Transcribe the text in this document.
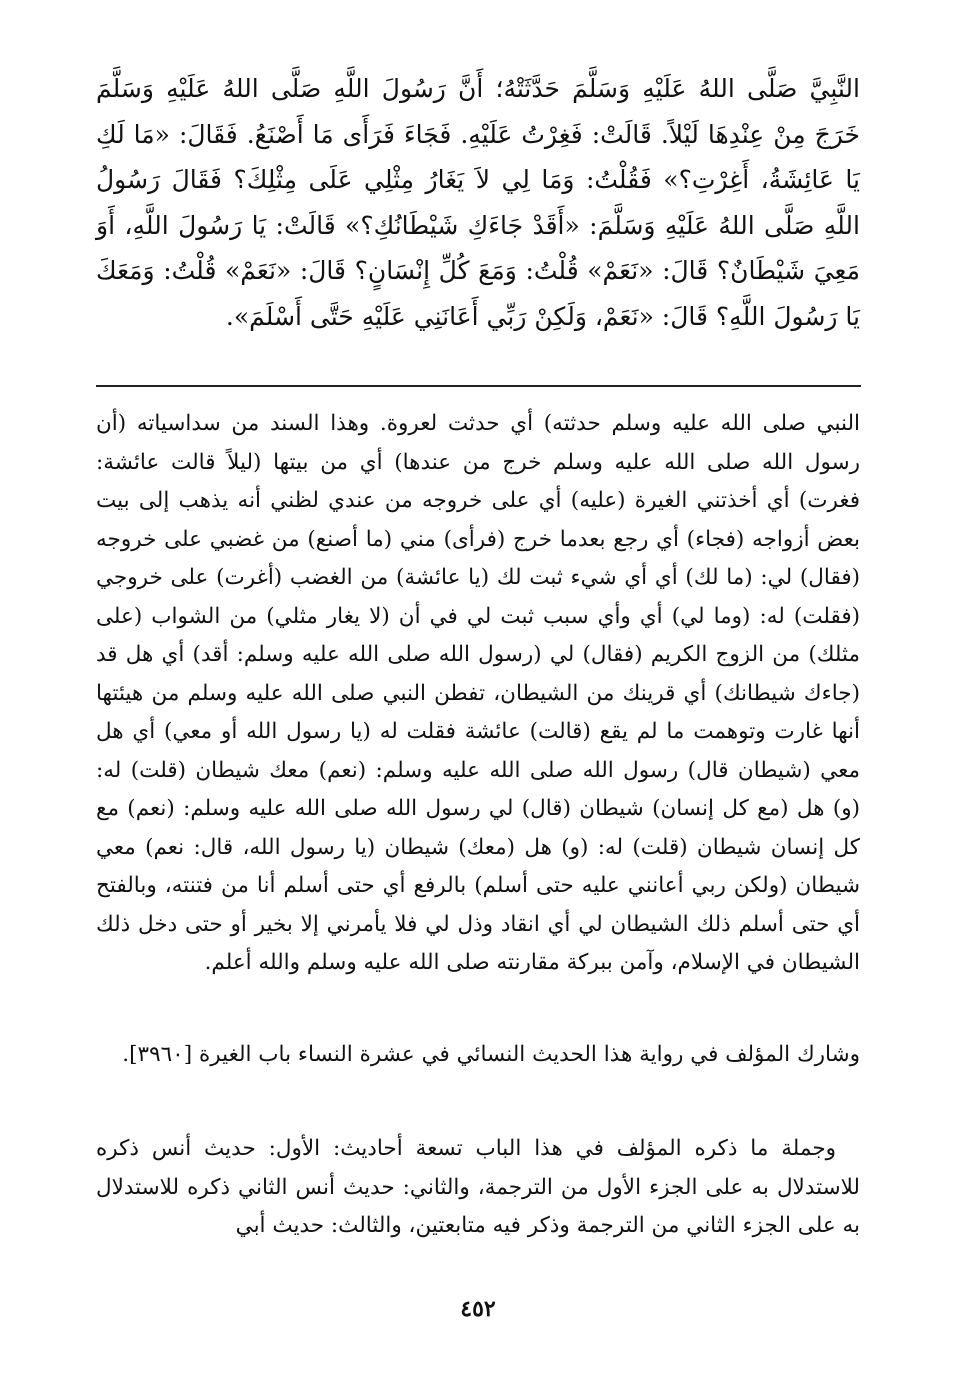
النَّبِيَّ صَلَّى اللهُ عَلَيْهِ وَسَلَّمَ حَدَّثَتْهُ؛ أَنَّ رَسُولَ اللَّهِ صَلَّى اللهُ عَلَيْهِ وَسَلَّمَ خَرَجَ مِنْ عِنْدِهَا لَيْلاً. قَالَتْ: فَغِرْتُ عَلَيْهِ. فَجَاءَ فَرَأَى مَا أَصْنَعُ. فَقَالَ: «مَا لَكِ يَا عَائِشَةُ، أَغِرْتِ؟» فَقُلْتُ: وَمَا لِي لاَ يَغَارُ مِثْلِي عَلَى مِثْلِكَ؟ فَقَالَ رَسُولُ اللَّهِ صَلَّى اللهُ عَلَيْهِ وَسَلَّمَ: «أَقَدْ جَاءَكِ شَيْطَانُكِ؟» قَالَتْ: يَا رَسُولَ اللَّهِ، أَوَ مَعِيَ شَيْطَانٌ؟ قَالَ: «نَعَمْ» قُلْتُ: وَمَعَ كُلِّ إِنْسَانٍ؟ قَالَ: «نَعَمْ» قُلْتُ: وَمَعَكَ يَا رَسُولَ اللَّهِ؟ قَالَ: «نَعَمْ، وَلَكِنْ رَبِّي أَعَانَنِي عَلَيْهِ حَتَّى أَسْلَمَ».

النبي صلى الله عليه وسلم حدثته) أي حدثت لعروة. وهذا السند من سداسياته (أن رسول الله صلى الله عليه وسلم خرج من عندها) أي من بيتها (ليلاً قالت عائشة: فغرت) أي أخذتني الغيرة (عليه) أي على خروجه من عندي لظني أنه يذهب إلى بيت بعض أزواجه (فجاء) أي رجع بعدما خرج (فرأى) مني (ما أصنع) من غضبي على خروجه (فقال) لي: (ما لك) أي أي شيء ثبت لك (يا عائشة) من الغضب (أغرت) على خروجي (فقلت) له: (وما لي) أي وأي سبب ثبت لي في أن (لا يغار مثلي) من الشواب (على مثلك) من الزوج الكريم (فقال) لي (رسول الله صلى الله عليه وسلم: أقد) أي هل قد (جاءك شيطانك) أي قرينك من الشيطان، تفطن النبي صلى الله عليه وسلم من هيئتها أنها غارت وتوهمت ما لم يقع (قالت) عائشة فقلت له (يا رسول الله أو معي) أي هل معي (شيطان قال) رسول الله صلى الله عليه وسلم: (نعم) معك شيطان (قلت) له: (و) هل (مع كل إنسان) شيطان (قال) لي رسول الله صلى الله عليه وسلم: (نعم) مع كل إنسان شيطان (قلت) له: (و) هل (معك) شيطان (يا رسول الله، قال: نعم) معي شيطان (ولكن ربي أعانني عليه حتى أسلم) بالرفع أي حتى أسلم أنا من فتنته، وبالفتح أي حتى أسلم ذلك الشيطان لي أي انقاد وذل لي فلا يأمرني إلا بخير أو حتى دخل ذلك الشيطان في الإسلام، وآمن ببركة مقارنته صلى الله عليه وسلم والله أعلم.

وشارك المؤلف في رواية هذا الحديث النسائي في عشرة النساء باب الغيرة [٣٩٦٠].

وجملة ما ذكره المؤلف في هذا الباب تسعة أحاديث: الأول: حديث أنس ذكره للاستدلال به على الجزء الأول من الترجمة، والثاني: حديث أنس الثاني ذكره للاستدلال به على الجزء الثاني من الترجمة وذكر فيه متابعتين، والثالث: حديث أبي

٤٥٢
